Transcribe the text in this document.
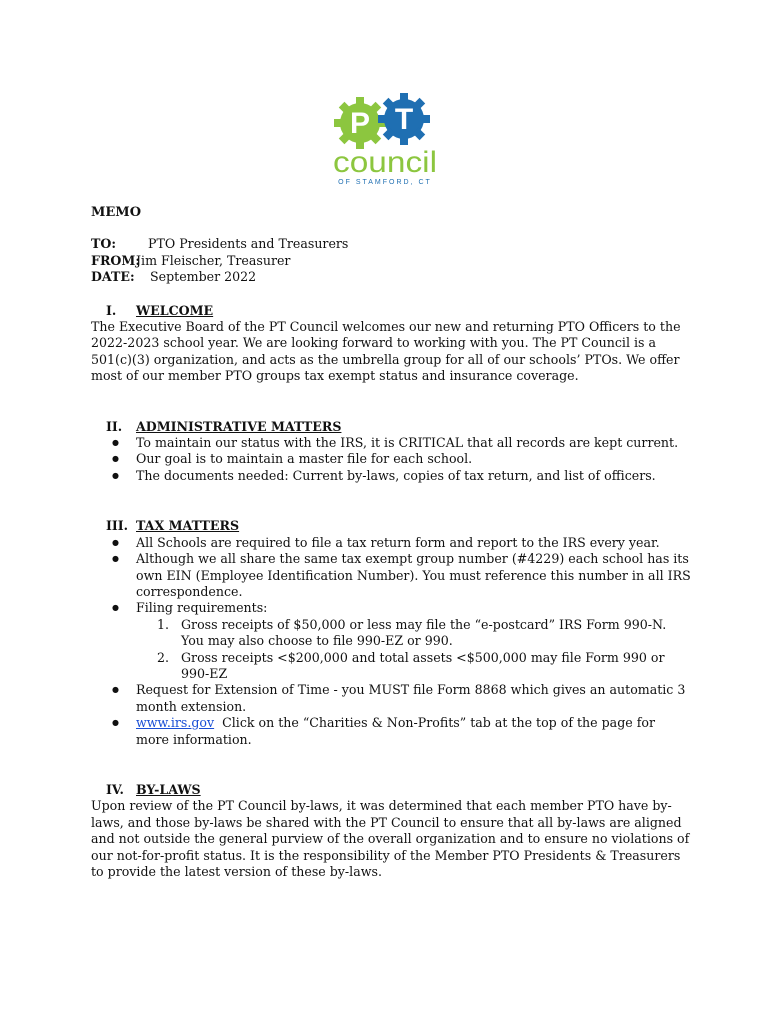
P T
council
OF STAMFORD, CT
MEMO
TO:	PTO Presidents and Treasurers
FROM:
Jim Fleischer, Treasurer
DATE:	September 2022
I.	WELCOME

The Executive Board of the PT Council welcomes our new and returning PTO Officers to the 2022-2023 school year. We are looking forward to working with you. The PT Council is a 501(c)(3) organization, and acts as the umbrella group for all of our schools’ PTOs. We offer most of our member PTO groups tax exempt status and insurance coverage.

II.	ADMINISTRATIVE MATTERS
● To maintain our status with the IRS, it is CRITICAL that all records are kept current.
● Our goal is to maintain a master file for each school.
● The documents needed: Current by-laws, copies of tax return, and list of officers.
III. TAX MATTERS
● All Schools are required to file a tax return form and report to the IRS every year.
● Although we all share the same tax exempt group number (#4229) each school has its own EIN (Employee Identification Number). You must reference this number in all IRS correspondence.
● Filing requirements:
1. Gross receipts of $50,000 or less may file the “e-postcard” IRS Form 990-N. You may also choose to file 990-EZ or 990.
2. Gross receipts <$200,000 and total assets <$500,000 may file Form 990 or 990-EZ
● Request for Extension of Time - you MUST file Form 8868 which gives an automatic 3 month extension.
● www.irs.gov  Click on the “Charities & Non-Profits” tab at the top of the page for more information.
IV. BY-LAWS

Upon review of the PT Council by-laws, it was determined that each member PTO have by-laws, and those by-laws be shared with the PT Council to ensure that all by-laws are aligned and not outside the general purview of the overall organization and to ensure no violations of our not-for-profit status. It is the responsibility of the Member PTO Presidents & Treasurers to provide the latest version of these by-laws.
